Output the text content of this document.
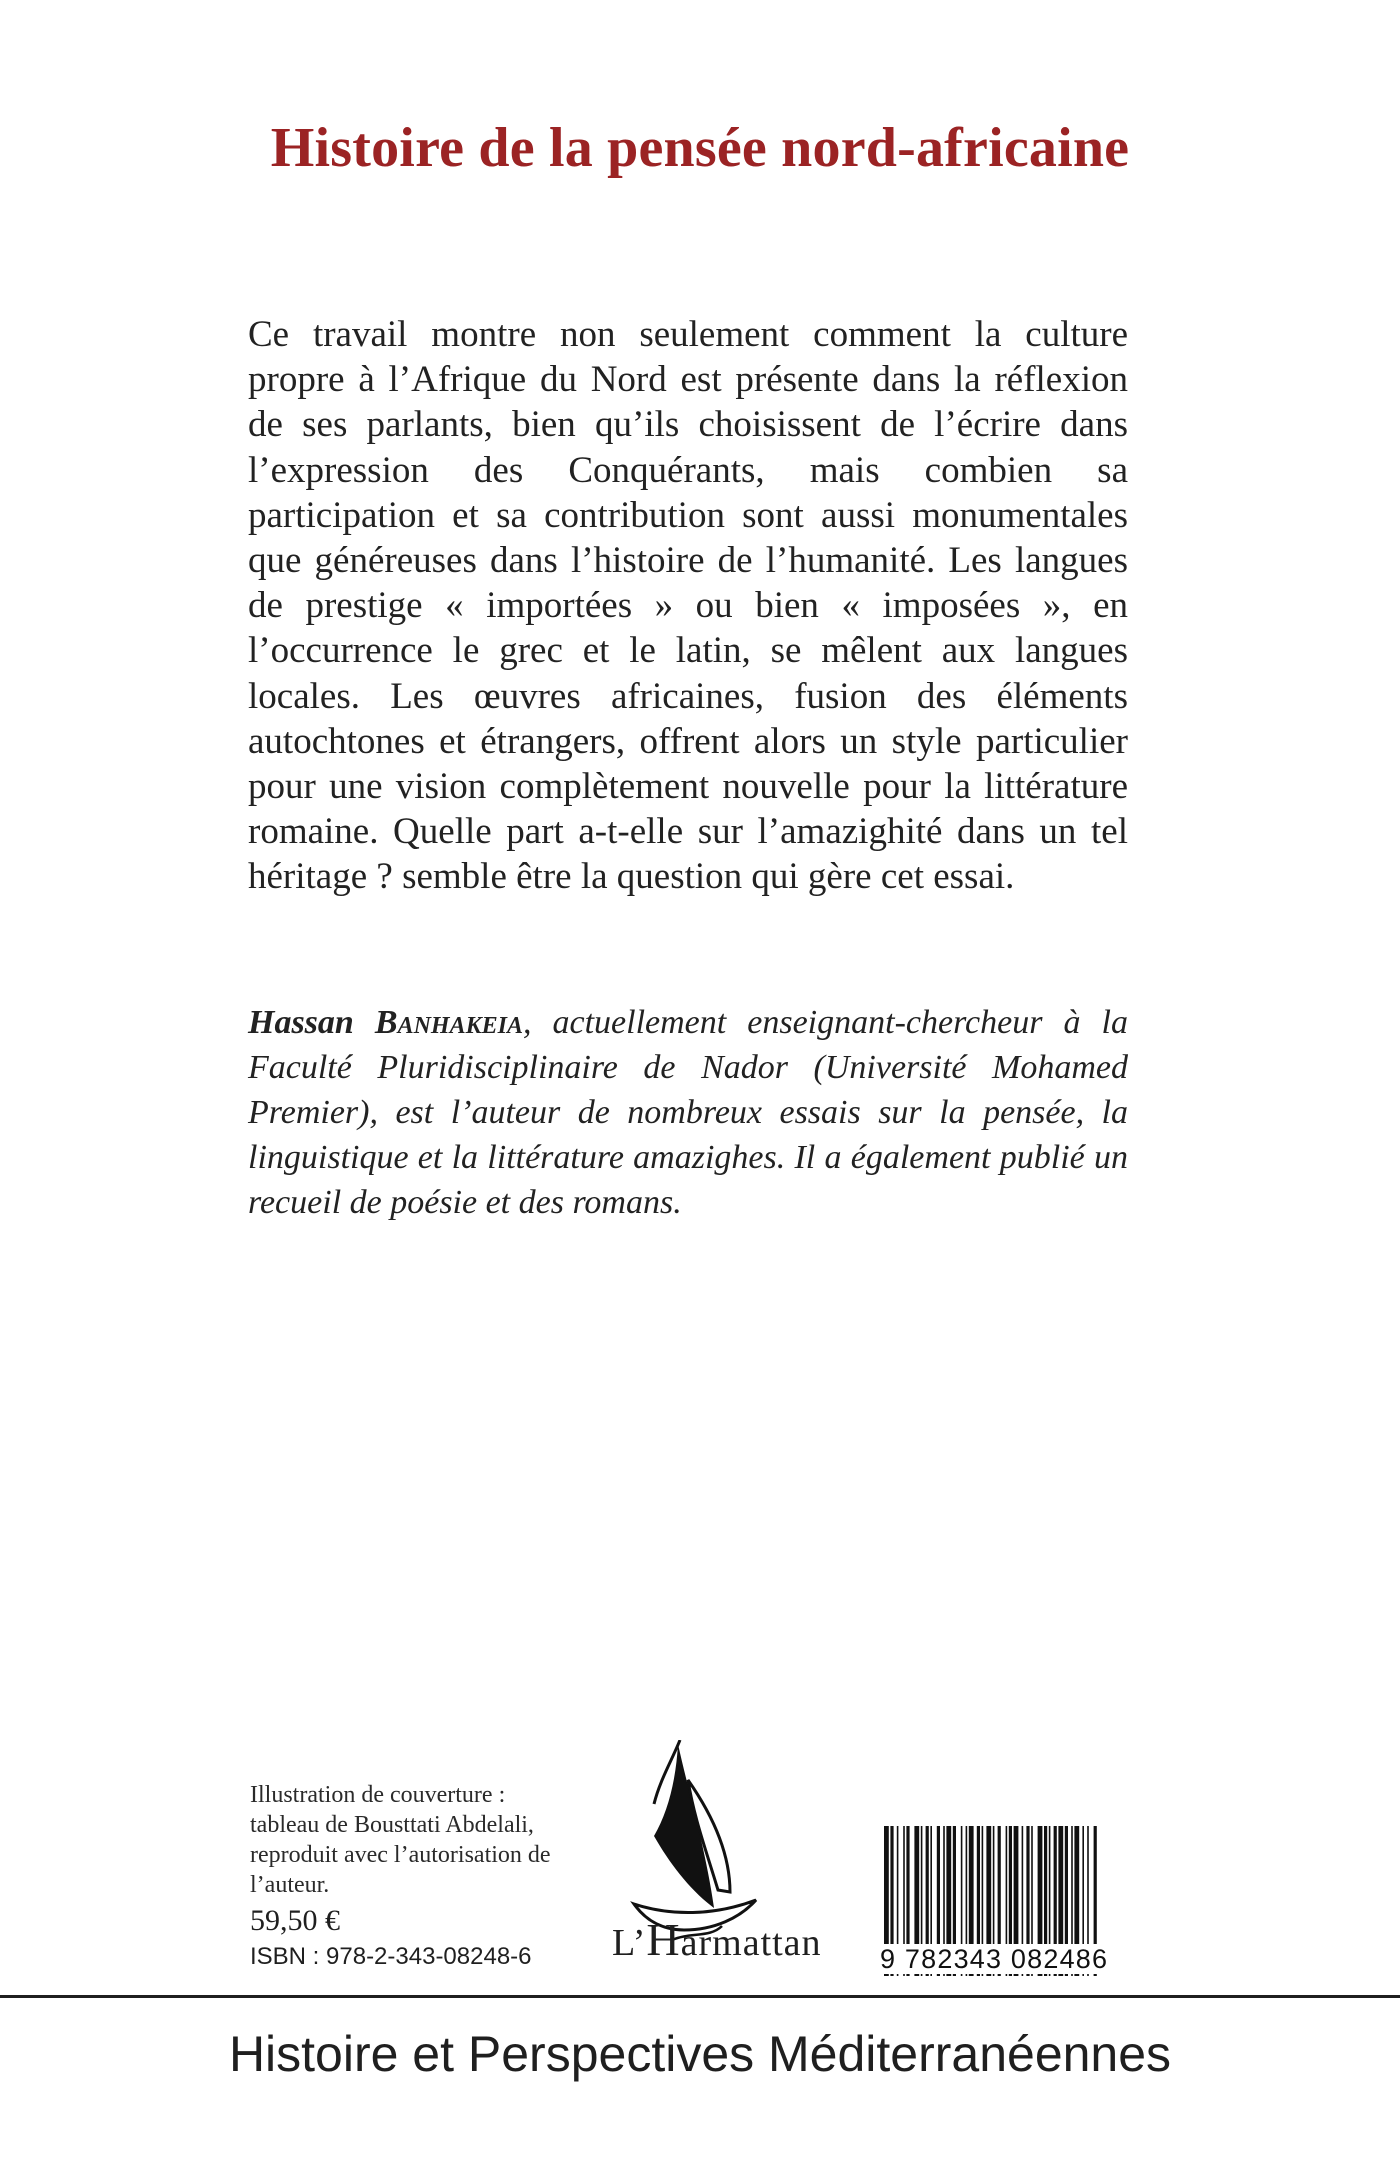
Histoire de la pensée nord-africaine

Ce travail montre non seulement comment la culture propre à l’Afrique du Nord est présente dans la réflexion de ses parlants, bien qu’ils choisissent de l’écrire dans l’expression des Conquérants, mais combien sa participation et sa contribution sont aussi monumentales que généreuses dans l’histoire de l’humanité. Les langues de prestige « importées » ou bien « imposées », en l’occurrence le grec et le latin, se mêlent aux langues locales. Les œuvres africaines, fusion des éléments autochtones et étrangers, offrent alors un style particulier pour une vision complètement nouvelle pour la littérature romaine. Quelle part a-t-elle sur l’amazighité dans un tel héritage ? semble être la question qui gère cet essai.

Hassan Banhakeia, actuellement enseignant-chercheur à la Faculté Pluridisciplinaire de Nador (Université Mohamed Premier), est l’auteur de nombreux essais sur la pensée, la linguistique et la littérature amazighes. Il a également publié un recueil de poésie et des romans.

Illustration de couverture :
tableau de Bousttati Abdelali,
reproduit avec l’autorisation de
l’auteur.

59,50 €

ISBN : 978-2-343-08248-6 L’Harmattan 9 782343 082486

Histoire et Perspectives Méditerranéennes
